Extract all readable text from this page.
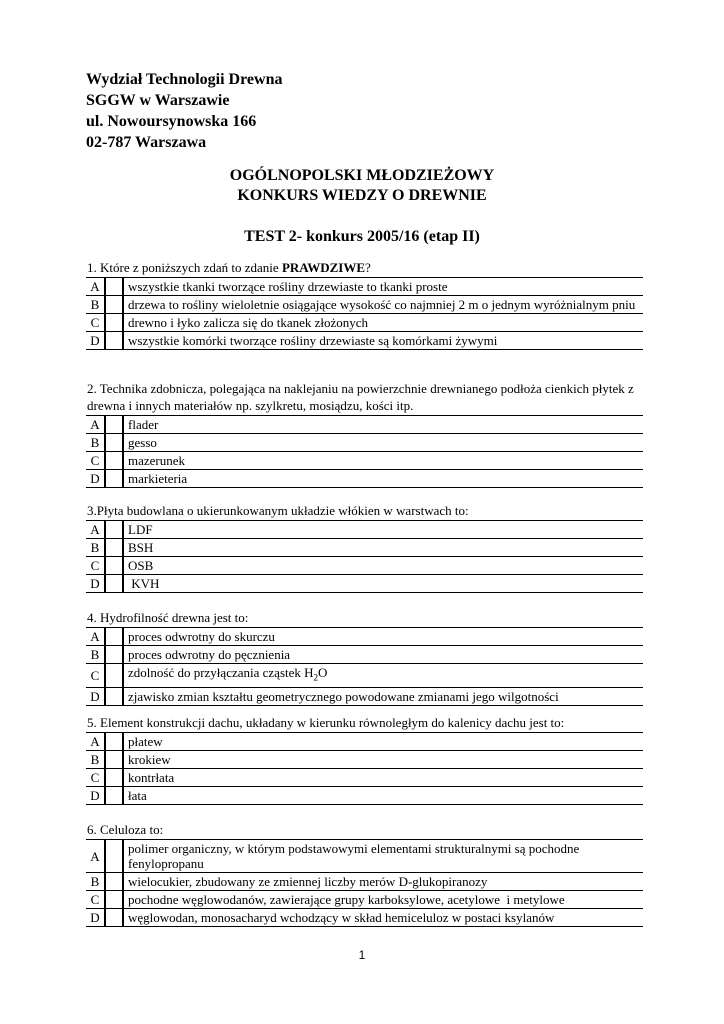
Wydział Technologii Drewna
SGGW w Warszawie
ul. Nowoursynowska 166
02-787 Warszawa
OGÓLNOPOLSKI MŁODZIEŻOWY
KONKURS WIEDZY O DREWNIE
TEST 2- konkurs 2005/16 (etap II)
1. Które z poniższych zdań to zdanie PRAWDZIWE?
A		wszystkie tkanki tworzące rośliny drzewiaste to tkanki proste
B		drzewa to rośliny wieloletnie osiągające wysokość co najmniej 2 m o jednym wyróżnialnym pniu
C		drewno i łyko zalicza się do tkanek złożonych
D		wszystkie komórki tworzące rośliny drzewiaste są komórkami żywymi
2. Technika zdobnicza, polegająca na naklejaniu na powierzchnie drewnianego podłoża cienkich płytek z drewna i innych materiałów np. szylkretu, mosiądzu, kości itp.
A		flader
B		gesso
C		mazerunek
D		markieteria
3.Płyta budowlana o ukierunkowanym układzie włókien w warstwach to:
A		LDF
B		BSH
C		OSB
D		KVH
4. Hydrofilność drewna jest to:
A		proces odwrotny do skurczu
B		proces odwrotny do pęcznienia
C		zdolność do przyłączania cząstek $H_2O$
D		zjawisko zmian kształtu geometrycznego powodowane zmianami jego wilgotności
5. Element konstrukcji dachu, układany w kierunku równoległym do kalenicy dachu jest to:
A		płatew
B		krokiew
C		kontrłata
D		łata
6. Celuloza to:
A		polimer organiczny, w którym podstawowymi elementami strukturalnymi są pochodne fenylopropanu
B		wielocukier, zbudowany ze zmiennej liczby merów D-glukopiranozy
C		pochodne węglowodanów, zawierające grupy karboksylowe, acetylowe  i metylowe
D		węglowodan, monosacharyd wchodzący w skład hemiceluloz w postaci ksylanów
1
